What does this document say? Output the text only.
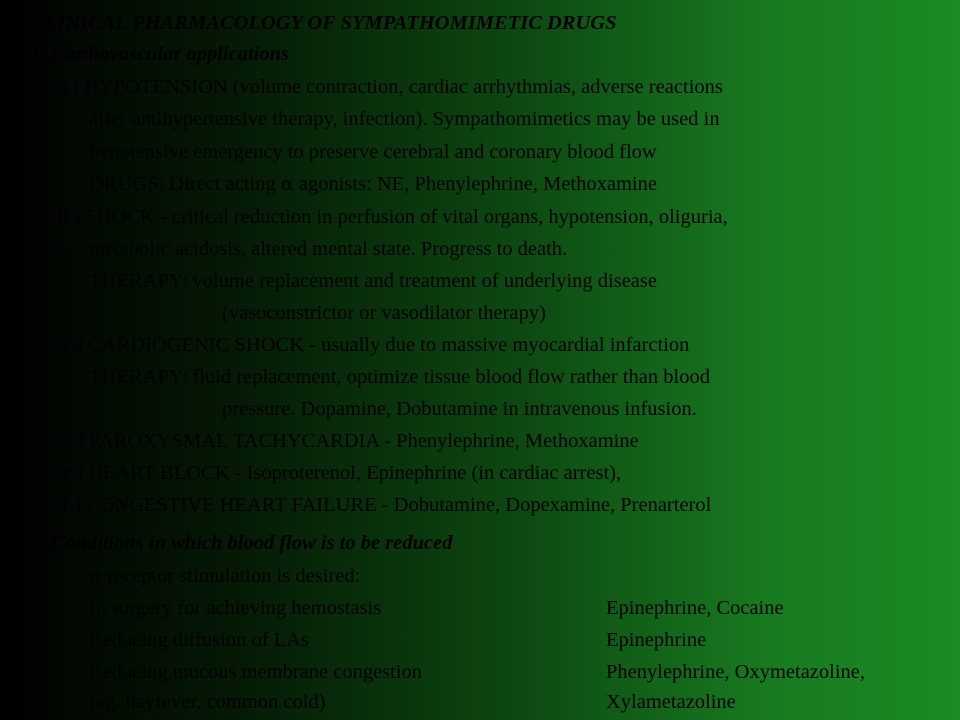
CLINICAL PHARMACOLOGY OF SYMPATHOMIMETIC DRUGS
1. Cardiovascular applications
a.) HYPOTENSION (volume contraction, cardiac arrhythmias, adverse reactions
after antihypertensive therapy, infection). Sympathomimetics may be used in
hypotensive emergency to preserve cerebral and coronary blood flow
DRUGS: Direct acting α agonists: NE, Phenylephrine, Methoxamine
b.) SHOCK - critical reduction in perfusion of vital organs, hypotension, oliguria,
metabolic acidosis, altered mental state. Progress to death.
THERAPY: volume replacement and treatment of underlying disease
(vasoconstrictor or vasodilator therapy)
c.) CARDIOGENIC SHOCK - usually due to massive myocardial infarction
THERAPY: fluid replacement, optimize tissue blood flow rather than blood
pressure. Dopamine, Dobutamine in intravenous infusion.
d.) PAROXYSMAL TACHYCARDIA - Phenylephrine, Methoxamine
e.) HEART BLOCK - Isoproterenol, Epinephrine (in cardiac arrest),
f.) CONGESTIVE HEART FAILURE - Dobutamine, Dopexamine, Prenarterol
2. Conditions in which blood flow is to be reduced
α receptor stimulation is desired:
In surgery for achieving hemostasis	Epinephrine, Cocaine
Reducing diffusion of LAs	Epinephrine
Reducing mucous membrane congestion	Phenylephrine, Oxymetazoline,
(eg. hayfever, common cold)	Xylametazoline
